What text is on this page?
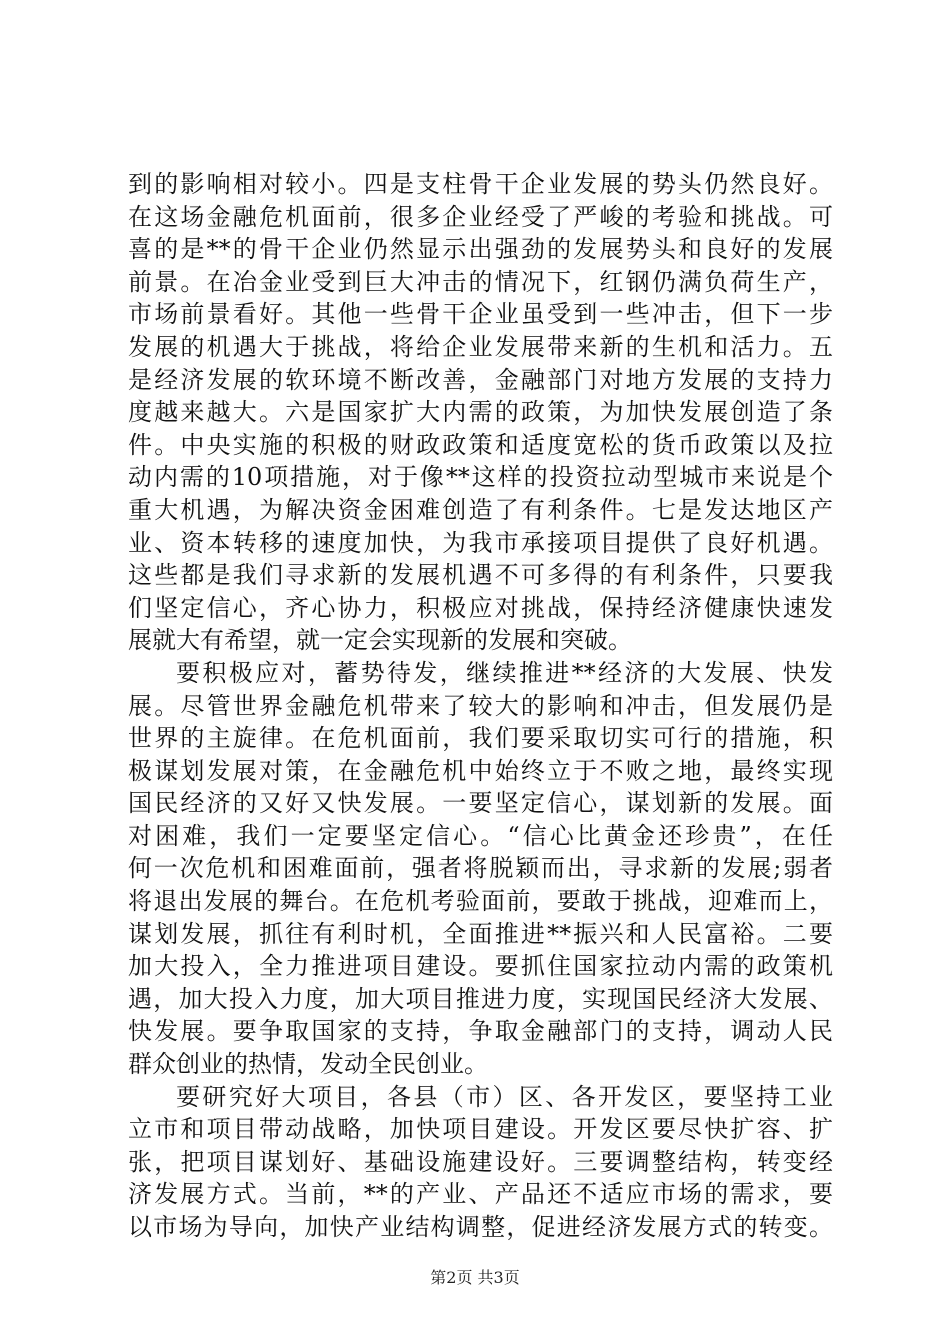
到的影响相对较小。四是支柱骨干企业发展的势头仍然良好。
在这场金融危机面前，很多企业经受了严峻的考验和挑战。可
喜的是**的骨干企业仍然显示出强劲的发展势头和良好的发展
前景。在冶金业受到巨大冲击的情况下，红钢仍满负荷生产，
市场前景看好。其他一些骨干企业虽受到一些冲击，但下一步
发展的机遇大于挑战，将给企业发展带来新的生机和活力。五
是经济发展的软环境不断改善，金融部门对地方发展的支持力
度越来越大。六是国家扩大内需的政策，为加快发展创造了条
件。中央实施的积极的财政政策和适度宽松的货币政策以及拉
动内需的10项措施，对于像**这样的投资拉动型城市来说是个
重大机遇，为解决资金困难创造了有利条件。七是发达地区产
业、资本转移的速度加快，为我市承接项目提供了良好机遇。
这些都是我们寻求新的发展机遇不可多得的有利条件，只要我
们坚定信心，齐心协力，积极应对挑战，保持经济健康快速发
展就大有希望，就一定会实现新的发展和突破。
要积极应对，蓄势待发，继续推进**经济的大发展、快发
展。尽管世界金融危机带来了较大的影响和冲击，但发展仍是
世界的主旋律。在危机面前，我们要采取切实可行的措施，积
极谋划发展对策，在金融危机中始终立于不败之地，最终实现
国民经济的又好又快发展。一要坚定信心，谋划新的发展。面
对困难，我们一定要坚定信心。“信心比黄金还珍贵”，在任
何一次危机和困难面前，强者将脱颖而出，寻求新的发展;弱者
将退出发展的舞台。在危机考验面前，要敢于挑战，迎难而上，
谋划发展，抓往有利时机，全面推进**振兴和人民富裕。二要
加大投入，全力推进项目建设。要抓住国家拉动内需的政策机
遇，加大投入力度，加大项目推进力度，实现国民经济大发展、
快发展。要争取国家的支持，争取金融部门的支持，调动人民
群众创业的热情，发动全民创业。
要研究好大项目，各县（市）区、各开发区，要坚持工业
立市和项目带动战略，加快项目建设。开发区要尽快扩容、扩
张，把项目谋划好、基础设施建设好。三要调整结构，转变经
济发展方式。当前，**的产业、产品还不适应市场的需求，要
以市场为导向，加快产业结构调整，促进经济发展方式的转变。
第2页 共3页
